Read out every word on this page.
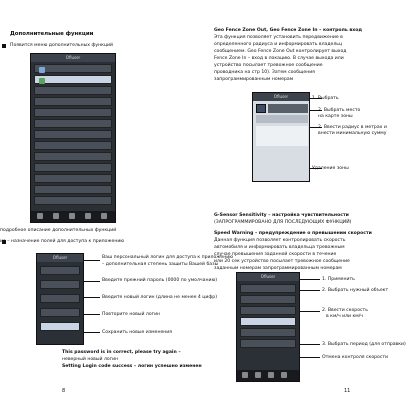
Дополнительные функции
Появится меню дополнительных функций
Ofluser
подробное описание дополнительных функций
ие – назначение полей для доступа к приложению
Ofluser	Ваш персональный логин для доступа к приложению
– дополнительная степень защиты Вашей базы
Введите прежний пароль (0000 по умолчанию)
Введите новый логин (длина не менее 4 цифр)
Повторите новый логин
Сохранить новые изменения
This password is in correct, please try again –
неверный новый логин
Setting Login code success – логин успешно изменен
8
Geo Fence Zone Out, Geo Fence Zone In – контроль вход
Эта функция позволяет установить передвижение в
определенного радиуса и информировать владельц
сообщением. Geo Fence Zone Out контролирует выход
Fence Zone In – вход в локацию. В случае выхода или
устройство посылает тревожное сообщение
проводника на стр 10). Затем сообщения
запрограммированным номерам
Ofluser	1. Выбрать
2. Выбрать место
на карте зоны
2. Ввести радиус в метрах и
внести минимальную сумму
Удаление зоны
G-Sensor Sensitivity – настройка чувствительности
(ЗАПРОГРАММИРОВАНО ДЛЯ ПОСЛЕДУЮЩИХ ФУНКЦИЙ)
Speed Warning – предупреждение о превышении скорости
Данная функция позволяет контролировать скорость
автомобиля и информировать владельца тревожным
случае превышения заданной скорости в течение
или 20 сек устройство посылает тревожное сообщение
заданным номерам запрограммированным номерам
Ofluser
1. Применить
2. Выбрать нужный объект
2. Ввести скорость
в км/ч или км/ч
3. Выбрать период (для отправки)
Отмена контроля скорости
11
